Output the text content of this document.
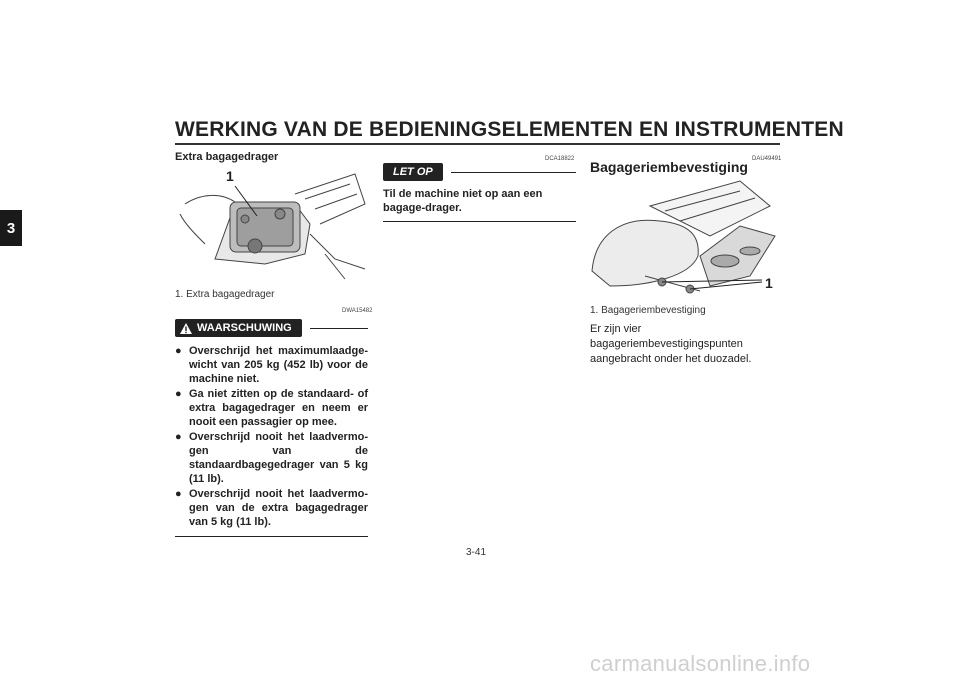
WERKING VAN DE BEDIENINGSELEMENTEN EN INSTRUMENTEN
3
Extra bagagedrager
1
1. Extra bagagedrager
DWA15482
WAARSCHUWING
● Overschrijd het maximumlaadge-wicht van 205 kg (452 lb) voor de machine niet.
● Ga niet zitten op de standaard- of extra bagagedrager en neem er nooit een passagier op mee.
● Overschrijd nooit het laadvermo-gen van de standaardbagegedrager van 5 kg (11 lb).
● Overschrijd nooit het laadvermo-gen van de extra bagagedrager van 5 kg (11 lb).
DCA18822
LET OP
Til de machine niet op aan een bagage-drager.
DAU49491
Bagageriembevestiging
1
1. Bagageriembevestiging
Er zijn vier bagageriembevestigingspunten aangebracht onder het duozadel.
3-41
carmanualsonline.info
